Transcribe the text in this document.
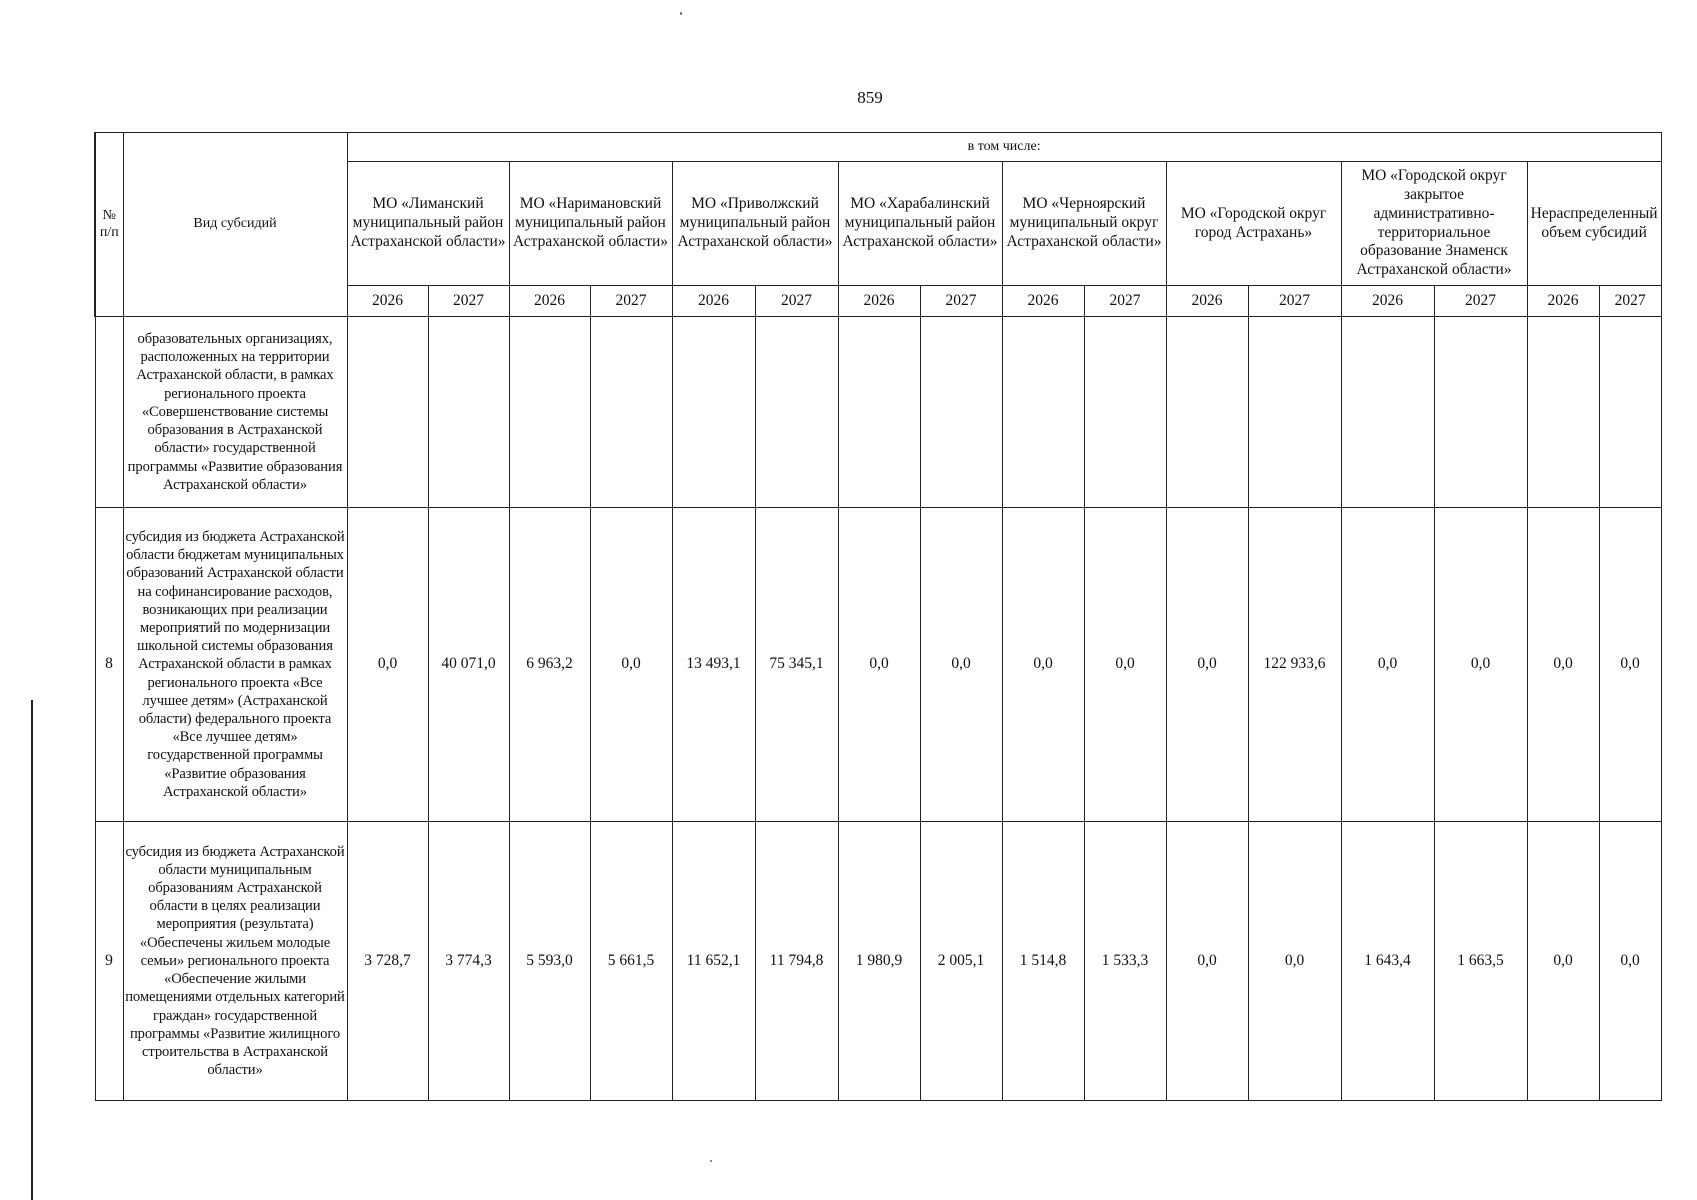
859
№ п/п	Вид субсидий	в том числе:															
		МО «Лиманский муниципальный район Астраханской области»		МО «Наримановский муниципальный район Астраханской области»		МО «Приволжский муниципальный район Астраханской области»		МО «Харабалинский муниципальный район Астраханской области»		МО «Черноярский муниципальный округ Астраханской области»		МО «Городской округ город Астрахань»		МО «Городской округ закрытое административно-территориальное образование Знаменск Астраханской области»		Нераспределенный объем субсидий	
		2026	2027	2026	2027	2026	2027	2026	2027	2026	2027	2026	2027	2026	2027	2026	2027
	образовательных организациях, расположенных на территории Астраханской области, в рамках регионального проекта «Совершенствование системы образования в Астраханской области» государственной программы «Развитие образования Астраханской области»																
8	субсидия из бюджета Астраханской области бюджетам муниципальных образований Астраханской области на софинансирование расходов, возникающих при реализации мероприятий по модернизации школьной системы образования Астраханской области в рамках регионального проекта «Все лучшее детям» (Астраханской области) федерального проекта «Все лучшее детям» государственной программы «Развитие образования Астраханской области»	0,0	40 071,0	6 963,2	0,0	13 493,1	75 345,1	0,0	0,0	0,0	0,0	0,0	122 933,6	0,0	0,0	0,0	0,0
9	субсидия из бюджета Астраханской области муниципальным образованиям Астраханской области в целях реализации мероприятия (результата) «Обеспечены жильем молодые семьи» регионального проекта «Обеспечение жилыми помещениями отдельных категорий граждан» государственной программы «Развитие жилищного строительства в Астраханской области»	3 728,7	3 774,3	5 593,0	5 661,5	11 652,1	11 794,8	1 980,9	2 005,1	1 514,8	1 533,3	0,0	0,0	1 643,4	1 663,5	0,0	0,0
